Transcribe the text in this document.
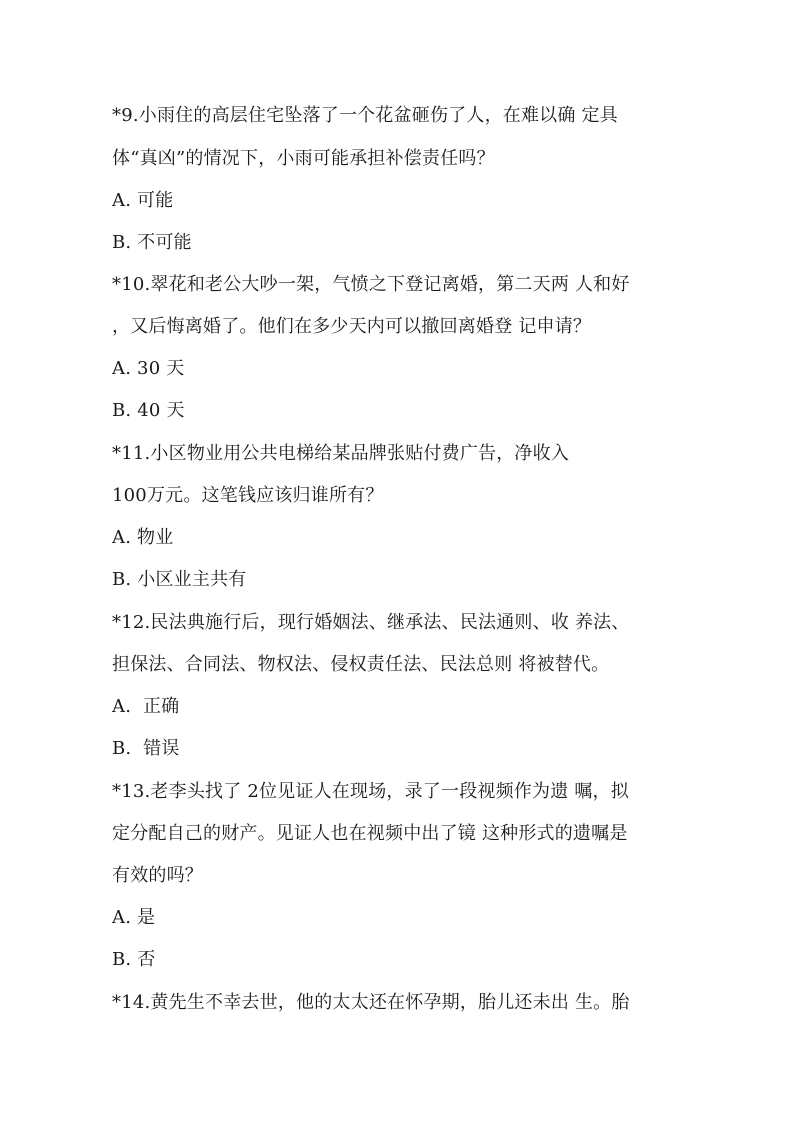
*9.小雨住的高层住宅坠落了一个花盆砸伤了人，在难以确 定具
体“真凶”的情况下，小雨可能承担补偿责任吗？
A. 可能
B. 不可能
*10.翠花和老公大吵一架，气愤之下登记离婚，第二天两 人和好
，又后悔离婚了。他们在多少天内可以撤回离婚登 记申请？
A. 30 天
B. 40 天
*11.小区物业用公共电梯给某品牌张贴付费广告，净收入
100万元。这笔钱应该归谁所有？
A. 物业
B. 小区业主共有
*12.民法典施行后，现行婚姻法、继承法、民法通则、收 养法、
担保法、合同法、物权法、侵权责任法、民法总则 将被替代。
A.  正确
B.  错误
*13.老李头找了 2位见证人在现场，录了一段视频作为遗 嘱，拟
定分配自己的财产。见证人也在视频中出了镜 这种形式的遗嘱是
有效的吗？
A. 是
B. 否
*14.黄先生不幸去世，他的太太还在怀孕期，胎儿还未出 生。胎
